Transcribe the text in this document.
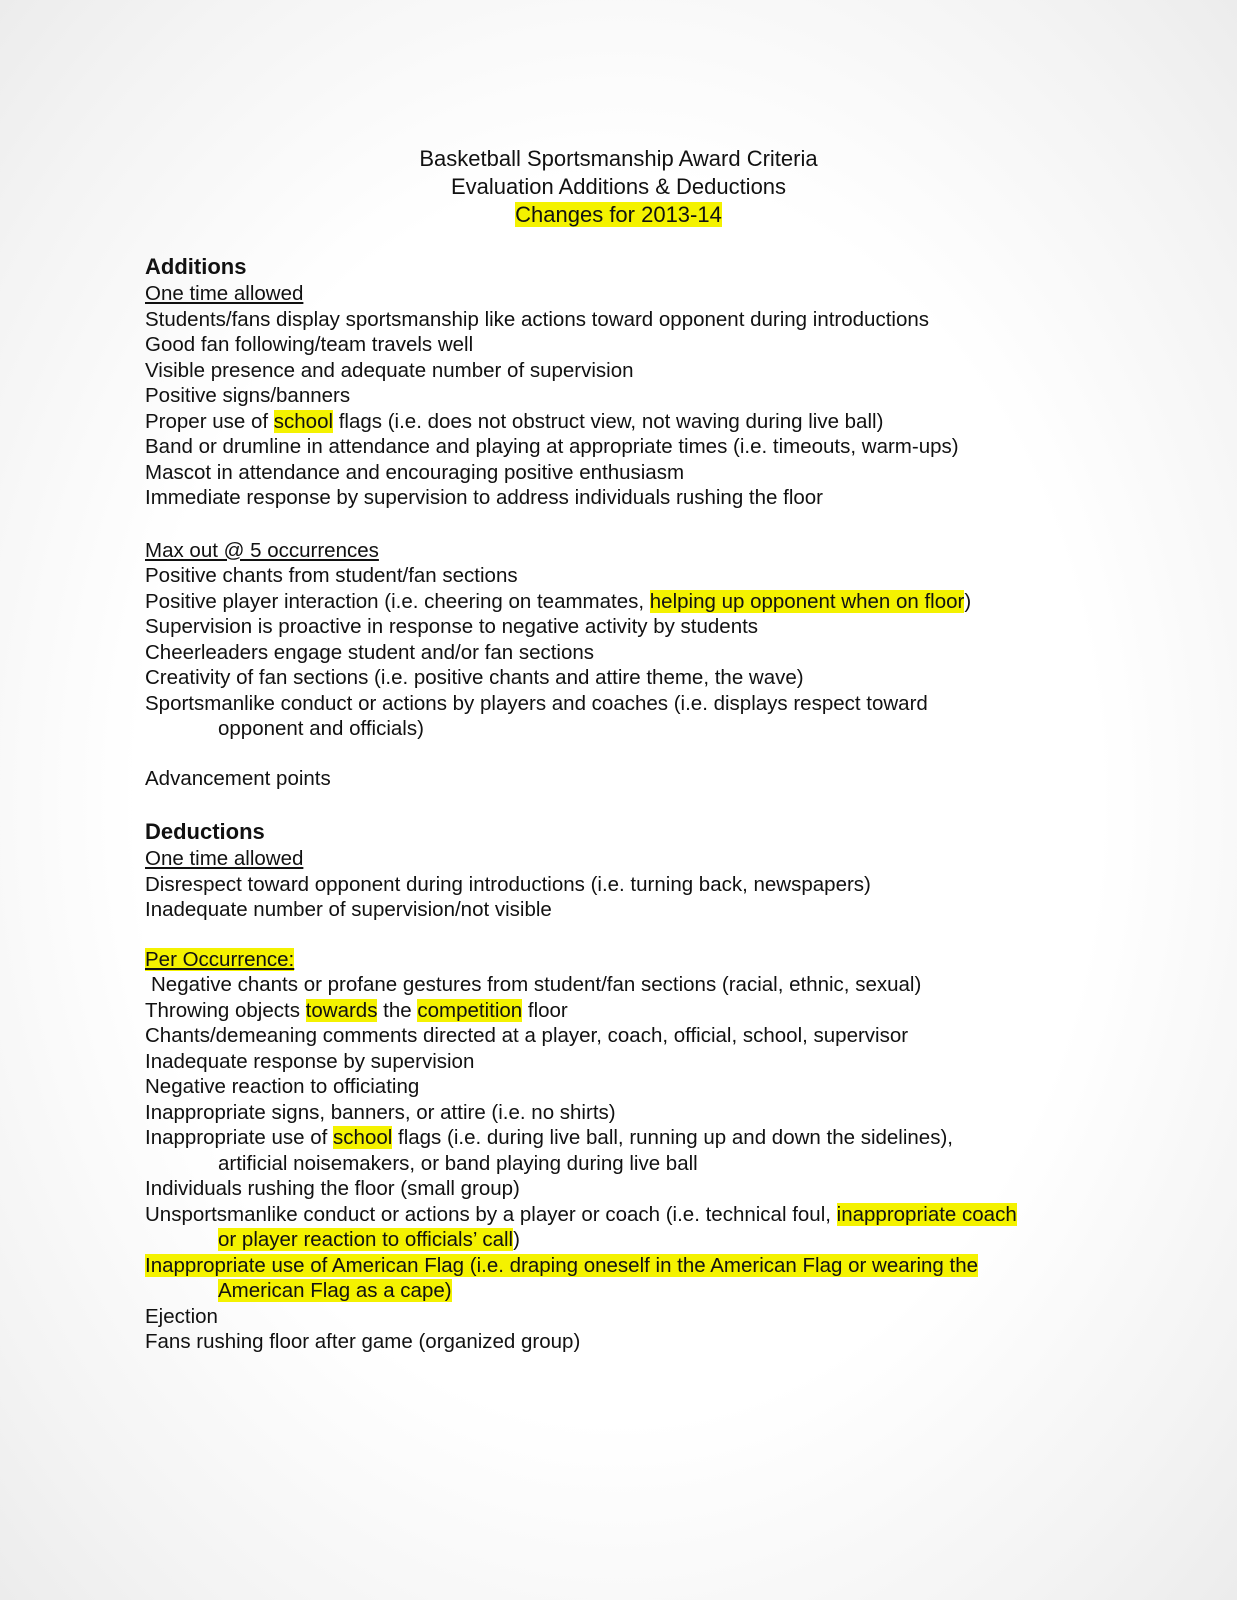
Basketball Sportsmanship Award Criteria
Evaluation Additions & Deductions
Changes for 2013-14
Additions
One time allowed
Students/fans display sportsmanship like actions toward opponent during introductions
Good fan following/team travels well
Visible presence and adequate number of supervision
Positive signs/banners
Proper use of school flags (i.e. does not obstruct view, not waving during live ball)
Band or drumline in attendance and playing at appropriate times (i.e. timeouts, warm-ups)
Mascot in attendance and encouraging positive enthusiasm
Immediate response by supervision to address individuals rushing the floor
Max out @ 5 occurrences
Positive chants from student/fan sections
Positive player interaction (i.e. cheering on teammates, helping up opponent when on floor)
Supervision is proactive in response to negative activity by students
Cheerleaders engage student and/or fan sections
Creativity of fan sections (i.e. positive chants and attire theme, the wave)
Sportsmanlike conduct or actions by players and coaches (i.e. displays respect toward
opponent and officials)
Advancement points
Deductions
One time allowed
Disrespect toward opponent during introductions (i.e. turning back, newspapers)
Inadequate number of supervision/not visible
Per Occurrence:
Negative chants or profane gestures from student/fan sections (racial, ethnic, sexual)
Throwing objects towards the competition floor
Chants/demeaning comments directed at a player, coach, official, school, supervisor
Inadequate response by supervision
Negative reaction to officiating
Inappropriate signs, banners, or attire (i.e. no shirts)
Inappropriate use of school flags (i.e. during live ball, running up and down the sidelines),
artificial noisemakers, or band playing during live ball
Individuals rushing the floor (small group)
Unsportsmanlike conduct or actions by a player or coach (i.e. technical foul, inappropriate coach
or player reaction to officials’ call)
Inappropriate use of American Flag (i.e. draping oneself in the American Flag or wearing the
American Flag as a cape)
Ejection
Fans rushing floor after game (organized group)
